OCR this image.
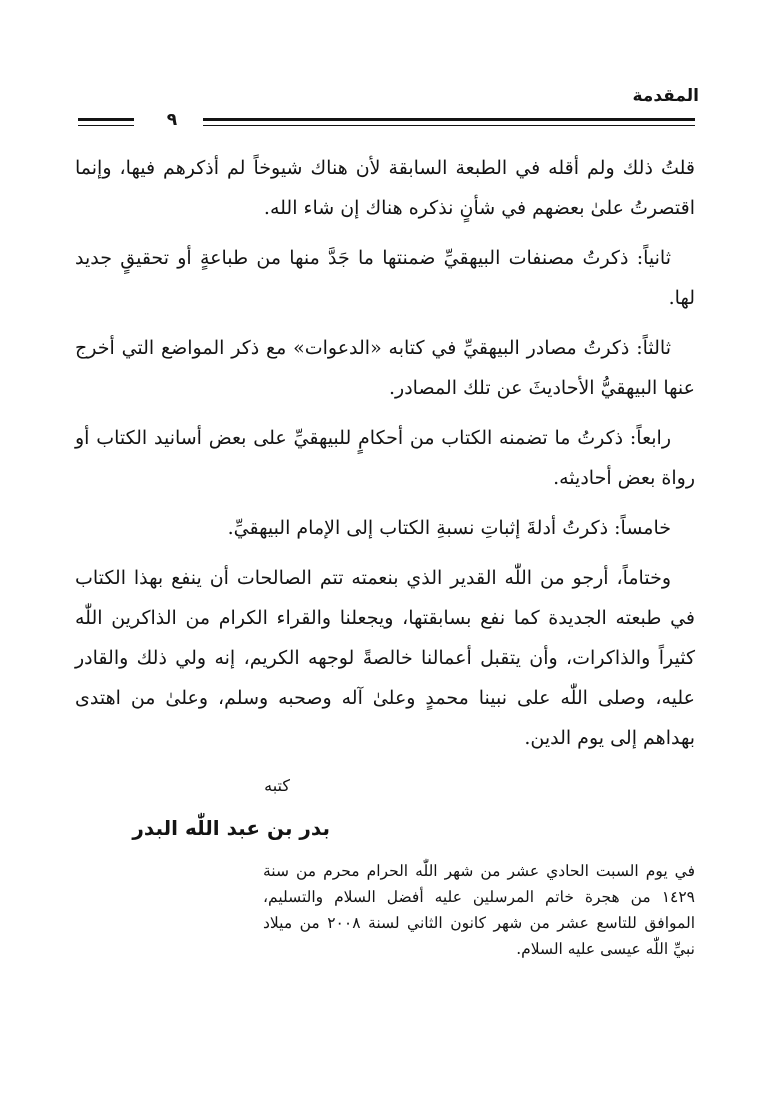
المقدمة
٩

قلتُ ذلك ولم أقله في الطبعة السابقة لأن هناك شيوخاً لم أذكرهم فيها، وإنما اقتصرتُ علىٰ بعضهم في شأنٍ نذكره هناك إن شاء الله.

ثانياً: ذكرتُ مصنفات البيهقيِّ ضمنتها ما جَدَّ منها من طباعةٍ أو تحقيقٍ جديد لها.

ثالثاً: ذكرتُ مصادر البيهقيِّ في كتابه «الدعوات» مع ذكر المواضع التي أخرج عنها البيهقيُّ الأحاديثَ عن تلك المصادر.

رابعاً: ذكرتُ ما تضمنه الكتاب من أحكامٍ للبيهقيِّ على بعض أسانيد الكتاب أو رواة بعض أحاديثه.

خامساً: ذكرتُ أدلةَ إثباتِ نسبةِ الكتاب إلى الإمام البيهقيِّ.

وختاماً، أرجو من اللّٰه القدير الذي بنعمته تتم الصالحات أن ينفع بهذا الكتاب في طبعته الجديدة كما نفع بسابقتها، ويجعلنا والقراء الكرام من الذاكرين اللّٰه كثيراً والذاكرات، وأن يتقبل أعمالنا خالصةً لوجهه الكريم، إنه ولي ذلك والقادر عليه، وصلى اللّٰه على نبينا محمدٍ وعلىٰ آله وصحبه وسلم، وعلىٰ من اهتدى بهداهم إلى يوم الدين.

كتبه
بدر بن عبد اللّٰه البدر
في يوم السبت الحادي عشر من شهر اللّٰه الحرام محرم من سنة ١٤٢٩ من هجرة خاتم المرسلين عليه أفضل السلام والتسليم، الموافق للتاسع عشر من شهر كانون الثاني لسنة ٢٠٠٨ من ميلاد نبيِّ اللّٰه عيسى عليه السلام.
